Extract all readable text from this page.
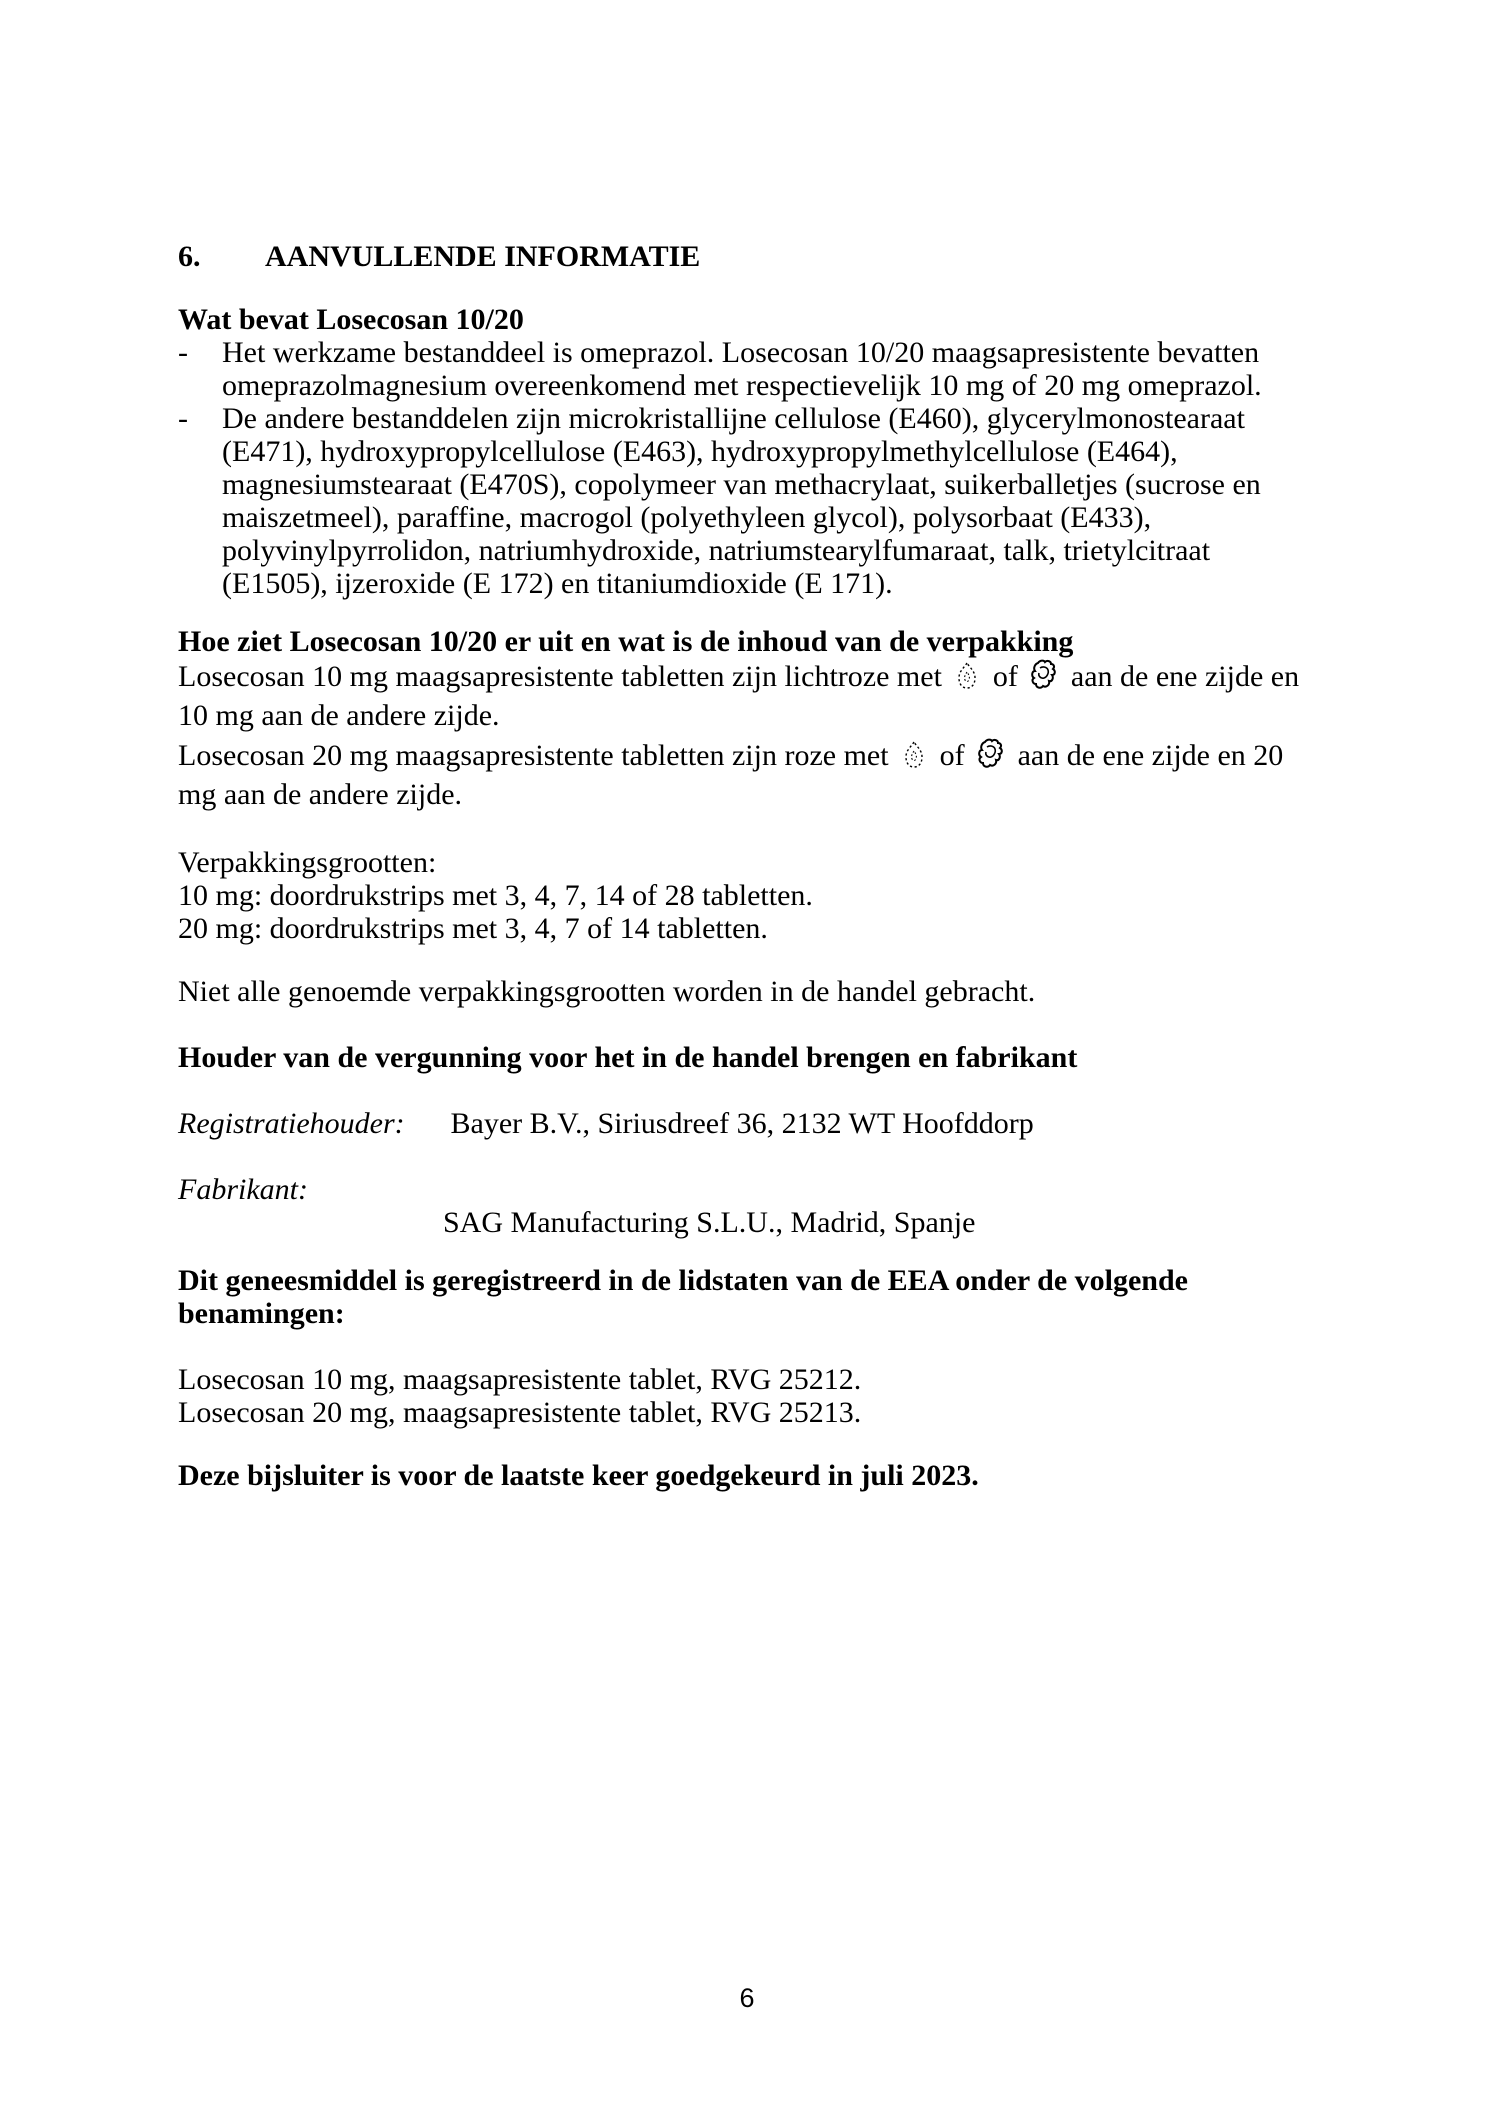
6.	AANVULLENDE INFORMATIE
Wat bevat Losecosan 10/20
-	Het werkzame bestanddeel is omeprazol. Losecosan 10/20 maagsapresistente bevatten omeprazolmagnesium overeenkomend met respectievelijk 10 mg of 20 mg omeprazol.
-	De andere bestanddelen zijn microkristallijne cellulose (E460), glycerylmonostearaat (E471), hydroxypropylcellulose (E463), hydroxypropylmethylcellulose (E464), magnesiumstearaat (E470S), copolymeer van methacrylaat, suikerballetjes (sucrose en maiszetmeel), paraffine, macrogol (polyethyleen glycol), polysorbaat (E433), polyvinylpyrrolidon, natriumhydroxide, natriumstearylfumaraat, talk, trietylcitraat (E1505), ijzeroxide (E 172) en titaniumdioxide (E 171).
Hoe ziet Losecosan 10/20 er uit en wat is de inhoud van de verpakking
Losecosan 10 mg maagsapresistente tabletten zijn lichtroze met of aan de ene zijde en 10 mg aan de andere zijde.
Losecosan 20 mg maagsapresistente tabletten zijn roze met of aan de ene zijde en 20 mg aan de andere zijde.
Verpakkingsgrootten:
10 mg: doordrukstrips met 3, 4, 7, 14 of 28 tabletten.
20 mg: doordrukstrips met 3, 4, 7 of 14 tabletten.
Niet alle genoemde verpakkingsgrootten worden in de handel gebracht.
Houder van de vergunning voor het in de handel brengen en fabrikant
Registratiehouder: Bayer B.V., Siriusdreef 36, 2132 WT Hoofddorp
Fabrikant:
SAG Manufacturing S.L.U., Madrid, Spanje
Dit geneesmiddel is geregistreerd in de lidstaten van de EEA onder de volgende benamingen:
Losecosan 10 mg, maagsapresistente tablet, RVG 25212.
Losecosan 20 mg, maagsapresistente tablet, RVG 25213.
Deze bijsluiter is voor de laatste keer goedgekeurd in juli 2023.
6
